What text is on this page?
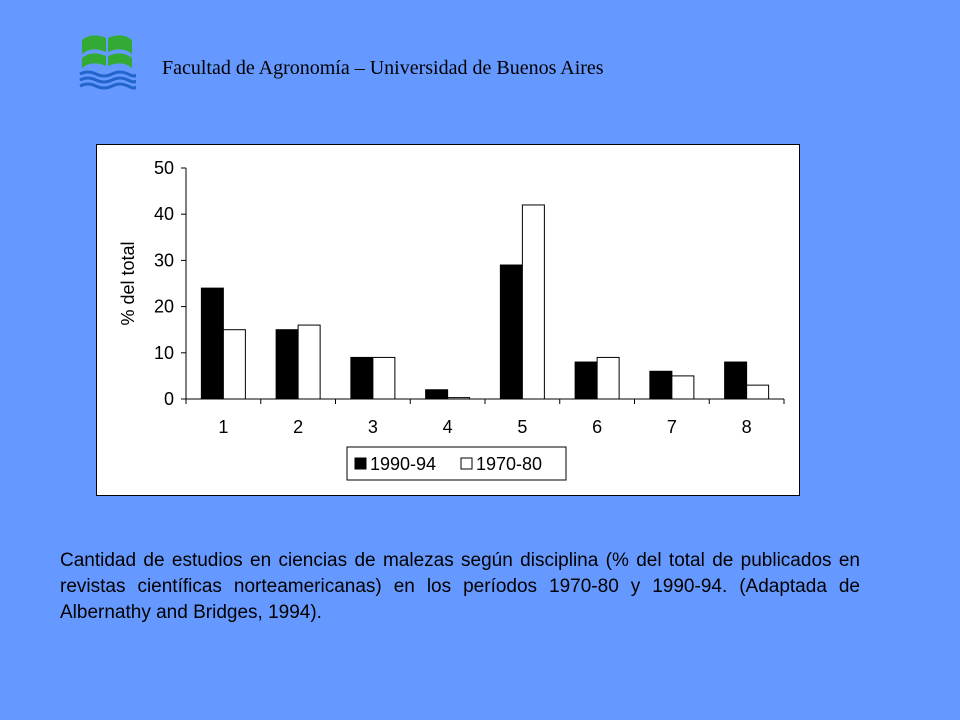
Facultad de Agronomía – Universidad de Buenos Aires
0
10
20
30
40
50
% del total
1	2	3	4	5	6	7	8
1990-94 1970-80
Cantidad de estudios en ciencias de malezas según disciplina (% del total de publicados en revistas científicas norteamericanas) en los períodos 1970-80 y 1990-94. (Adaptada de Albernathy and Bridges, 1994).
